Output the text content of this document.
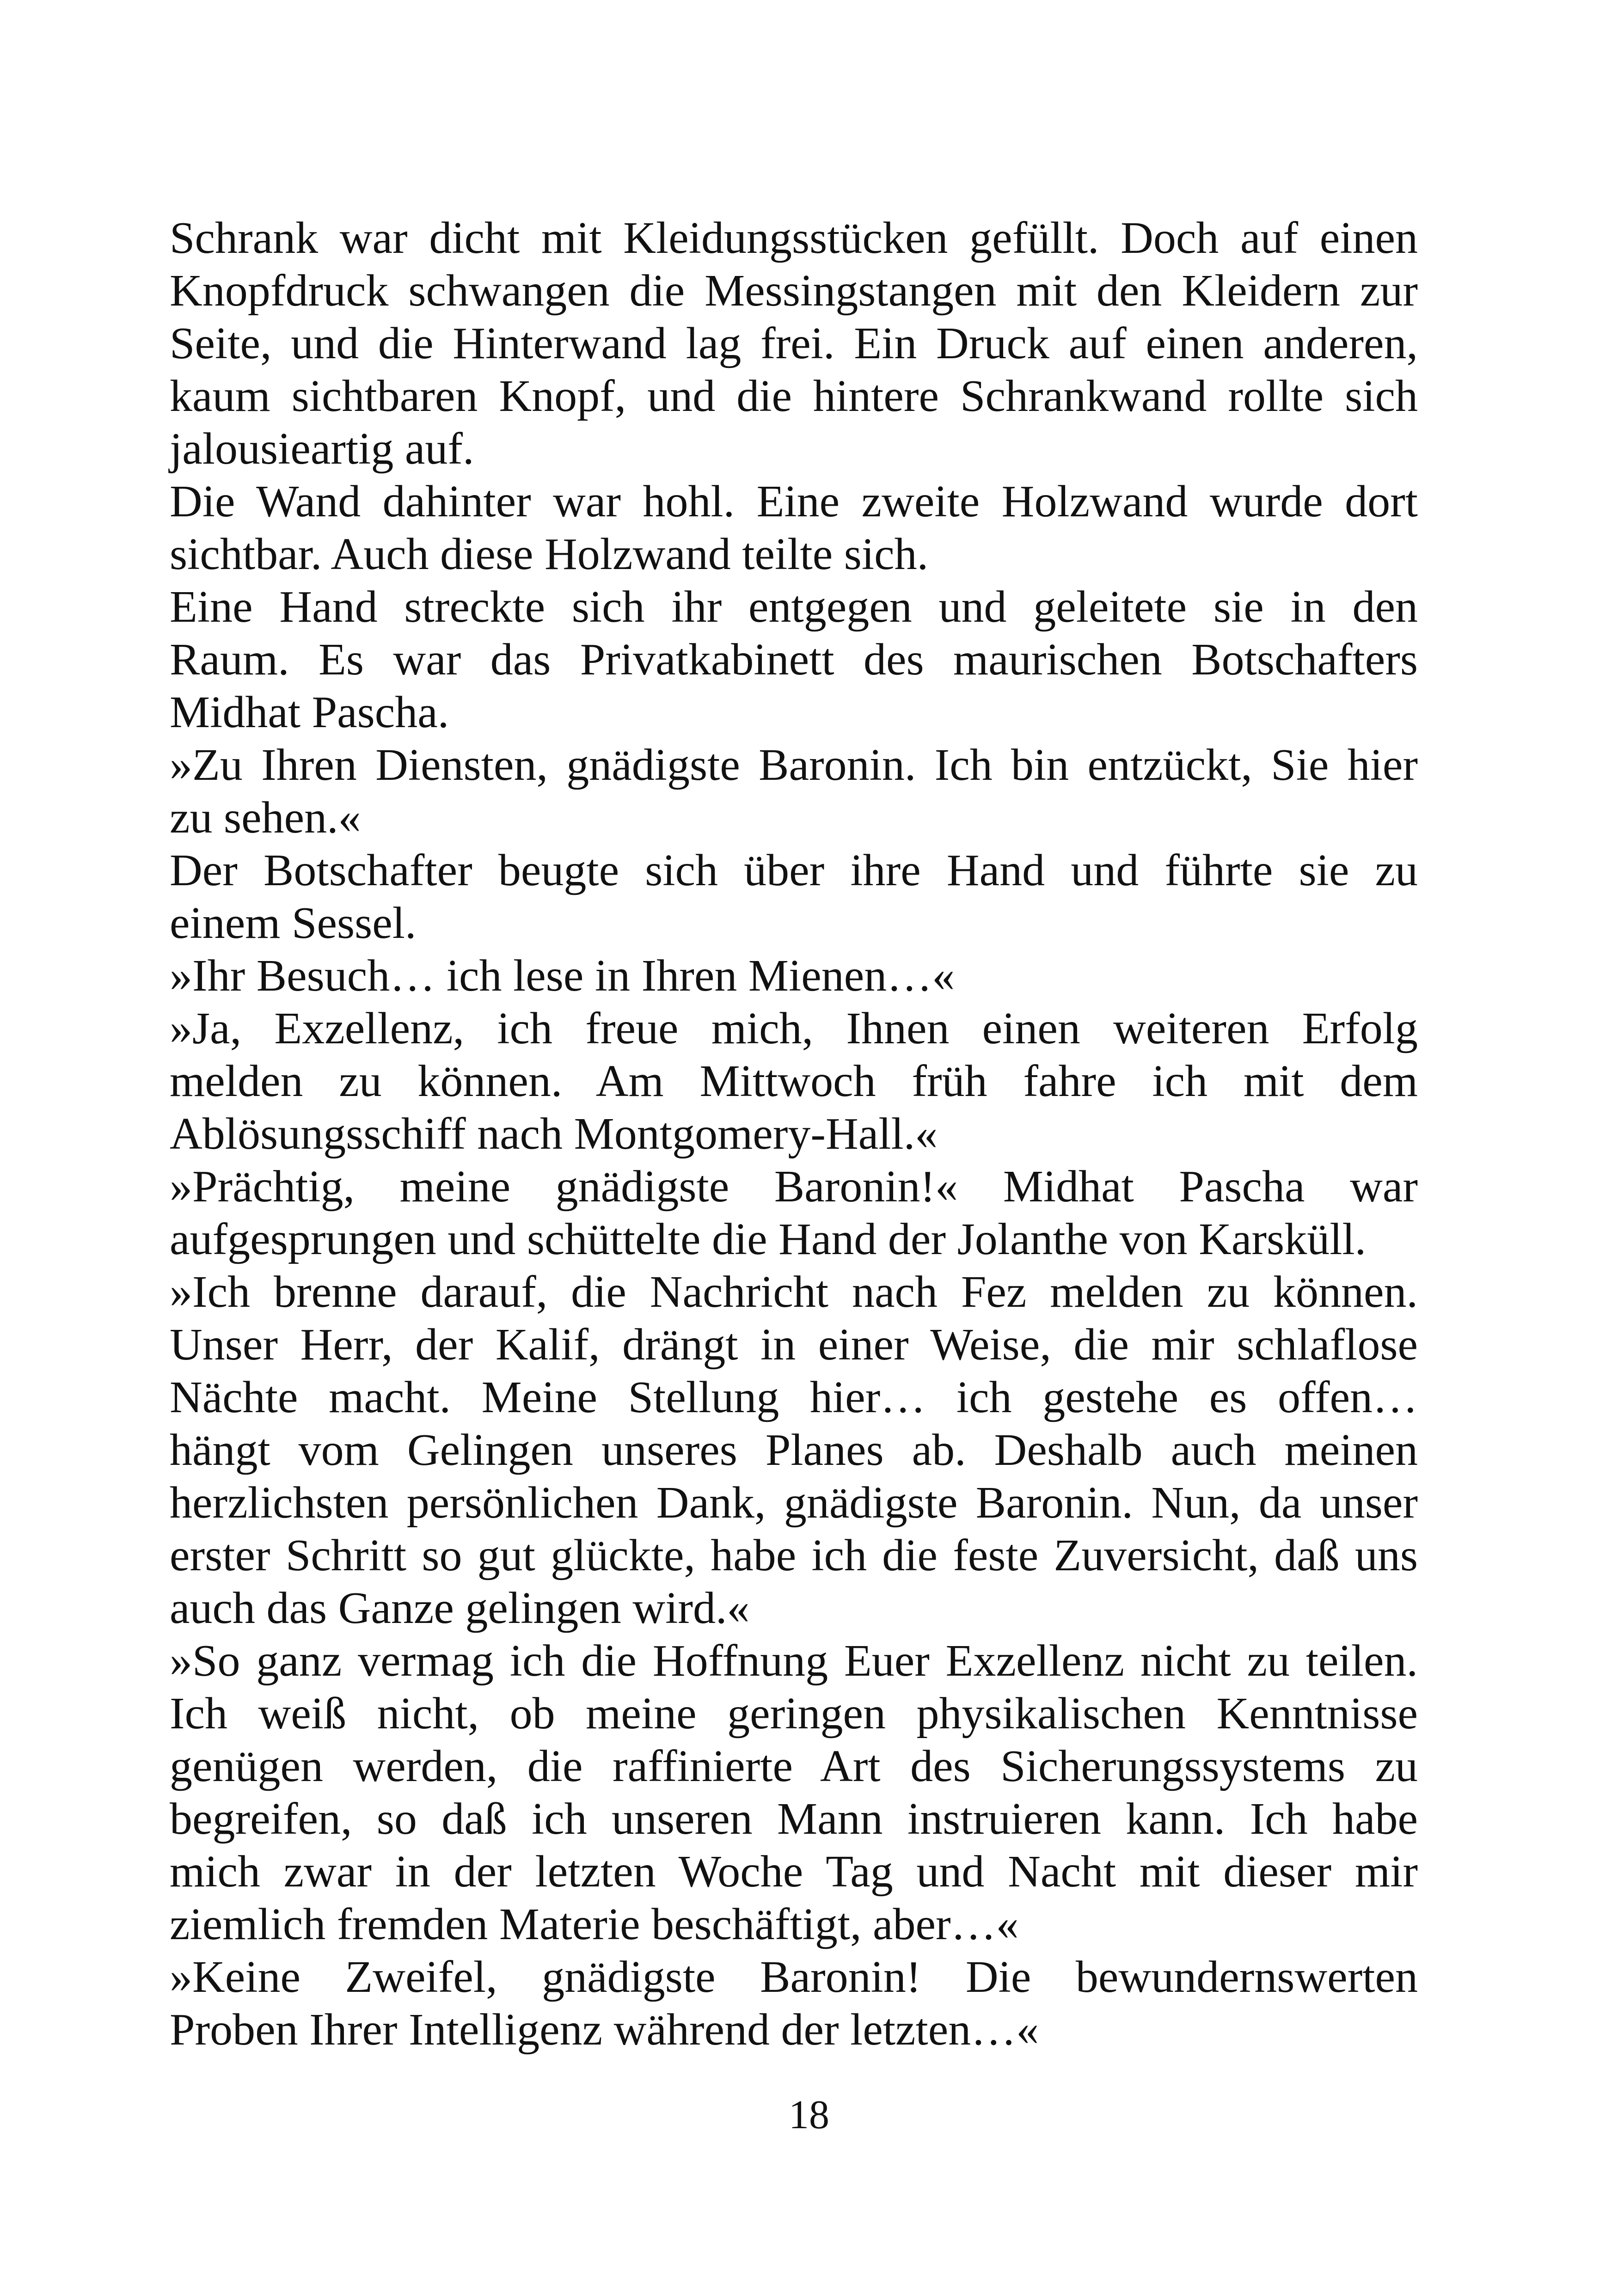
Schrank war dicht mit Kleidungsstücken gefüllt. Doch auf einen
Knopfdruck schwangen die Messingstangen mit den Kleidern zur
Seite, und die Hinterwand lag frei. Ein Druck auf einen anderen,
kaum sichtbaren Knopf, und die hintere Schrankwand rollte sich
jalousieartig auf.
Die Wand dahinter war hohl. Eine zweite Holzwand wurde dort
sichtbar. Auch diese Holzwand teilte sich.
Eine Hand streckte sich ihr entgegen und geleitete sie in den
Raum. Es war das Privatkabinett des maurischen Botschafters
Midhat Pascha.
»Zu Ihren Diensten, gnädigste Baronin. Ich bin entzückt, Sie hier
zu sehen.«
Der Botschafter beugte sich über ihre Hand und führte sie zu
einem Sessel.
»Ihr Besuch… ich lese in Ihren Mienen…«
»Ja, Exzellenz, ich freue mich, Ihnen einen weiteren Erfolg
melden zu können. Am Mittwoch früh fahre ich mit dem
Ablösungsschiff nach Montgomery-Hall.«
»Prächtig, meine gnädigste Baronin!« Midhat Pascha war
aufgesprungen und schüttelte die Hand der Jolanthe von Karsküll.
»Ich brenne darauf, die Nachricht nach Fez melden zu können.
Unser Herr, der Kalif, drängt in einer Weise, die mir schlaflose
Nächte macht. Meine Stellung hier… ich gestehe es offen…
hängt vom Gelingen unseres Planes ab. Deshalb auch meinen
herzlichsten persönlichen Dank, gnädigste Baronin. Nun, da unser
erster Schritt so gut glückte, habe ich die feste Zuversicht, daß uns
auch das Ganze gelingen wird.«
»So ganz vermag ich die Hoffnung Euer Exzellenz nicht zu teilen.
Ich weiß nicht, ob meine geringen physikalischen Kenntnisse
genügen werden, die raffinierte Art des Sicherungssystems zu
begreifen, so daß ich unseren Mann instruieren kann. Ich habe
mich zwar in der letzten Woche Tag und Nacht mit dieser mir
ziemlich fremden Materie beschäftigt, aber…«
»Keine Zweifel, gnädigste Baronin! Die bewundernswerten
Proben Ihrer Intelligenz während der letzten…«
18
